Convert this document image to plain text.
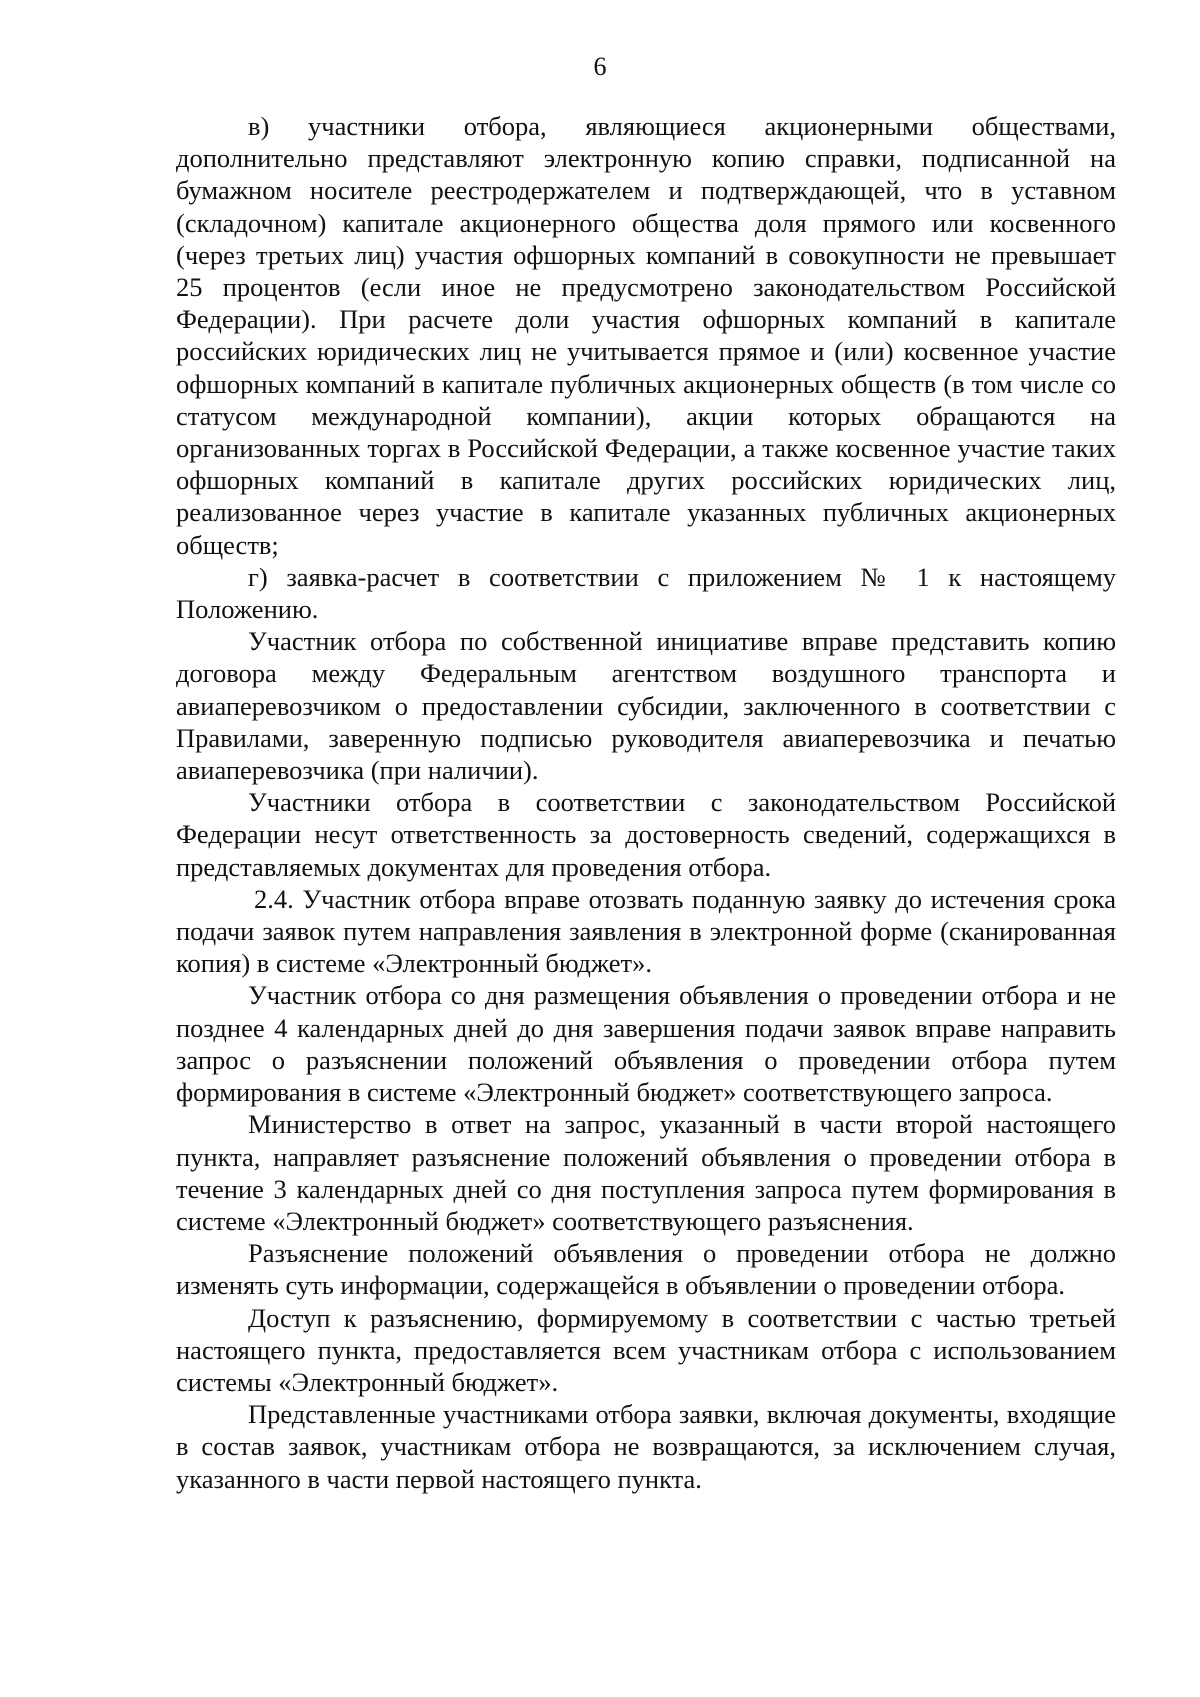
6

в) участники отбора, являющиеся акционерными обществами, дополнительно представляют электронную копию справки, подписанной на бумажном носителе реестродержателем и подтверждающей, что в уставном (складочном) капитале акционерного общества доля прямого или косвенного (через третьих лиц) участия офшорных компаний в совокупности не превышает 25 процентов (если иное не предусмотрено законодательством Российской Федерации). При расчете доли участия офшорных компаний в капитале российских юридических лиц не учитывается прямое и (или) косвенное участие офшорных компаний в капитале публичных акционерных обществ (в том числе со статусом международной компании), акции которых обращаются на организованных торгах в Российской Федерации, а также косвенное участие таких офшорных компаний в капитале других российских юридических лиц, реализованное через участие в капитале указанных публичных акционерных обществ;

г) заявка-расчет в соответствии с приложением № 1 к настоящему Положению.

Участник отбора по собственной инициативе вправе представить копию договора между Федеральным агентством воздушного транспорта и авиаперевозчиком о предоставлении субсидии, заключенного в соответствии с Правилами, заверенную подписью руководителя авиаперевозчика и печатью авиаперевозчика (при наличии).

Участники отбора в соответствии с законодательством Российской Федерации несут ответственность за достоверность сведений, содержащихся в представляемых документах для проведения отбора.

2.4. Участник отбора вправе отозвать поданную заявку до истечения срока подачи заявок путем направления заявления в электронной форме (сканированная копия) в системе «Электронный бюджет».

Участник отбора со дня размещения объявления о проведении отбора и не позднее 4 календарных дней до дня завершения подачи заявок вправе направить запрос о разъяснении положений объявления о проведении отбора путем формирования в системе «Электронный бюджет» соответствующего запроса.

Министерство в ответ на запрос, указанный в части второй настоящего пункта, направляет разъяснение положений объявления о проведении отбора в течение 3 календарных дней со дня поступления запроса путем формирования в системе «Электронный бюджет» соответствующего разъяснения.

Разъяснение положений объявления о проведении отбора не должно изменять суть информации, содержащейся в объявлении о проведении отбора.

Доступ к разъяснению, формируемому в соответствии с частью третьей настоящего пункта, предоставляется всем участникам отбора с использованием системы «Электронный бюджет».

Представленные участниками отбора заявки, включая документы, входящие в состав заявок, участникам отбора не возвращаются, за исключением случая, указанного в части первой настоящего пункта.
